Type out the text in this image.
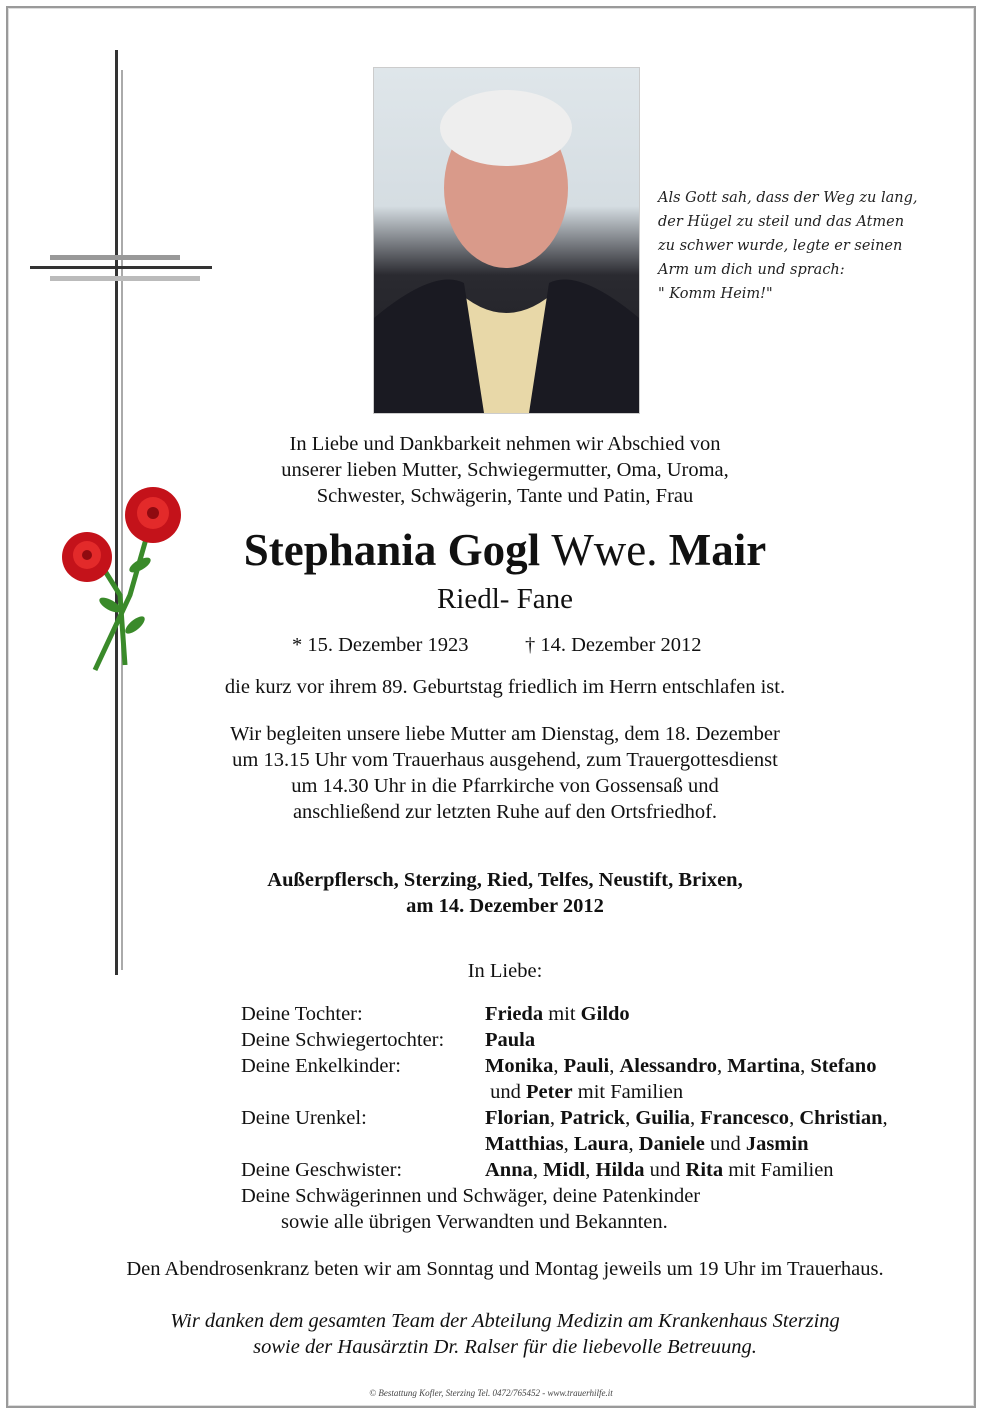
Als Gott sah, dass der Weg zu lang,
der Hügel zu steil und das Atmen
zu schwer wurde, legte er seinen
Arm um dich und sprach:
" Komm Heim!"
In Liebe und Dankbarkeit nehmen wir Abschied von
unserer lieben Mutter, Schwiegermutter, Oma, Uroma,
Schwester, Schwägerin, Tante und Patin, Frau
Stephania Gogl Wwe. Mair
Riedl- Fane
* 15. Dezember 1923	† 14. Dezember 2012
die kurz vor ihrem 89. Geburtstag friedlich im Herrn entschlafen ist.
Wir begleiten unsere liebe Mutter am Dienstag, dem 18. Dezember
um 13.15 Uhr vom Trauerhaus ausgehend, zum Trauergottesdienst
um 14.30 Uhr in die Pfarrkirche von Gossensaß und
anschließend zur letzten Ruhe auf den Ortsfriedhof.
Außerpflersch, Sterzing, Ried, Telfes, Neustift, Brixen,
am 14. Dezember 2012
In Liebe:
Deine Tochter:	Frieda mit Gildo
Deine Schwiegertochter: Paula
Deine Enkelkinder:	Monika, Pauli, Alessandro, Martina, Stefano
und Peter mit Familien
Deine Urenkel:	Florian, Patrick, Guilia, Francesco, Christian,
Matthias, Laura, Daniele und Jasmin
Deine Geschwister:	Anna, Midl, Hilda und Rita mit Familien
Deine Schwägerinnen und Schwäger, deine Patenkinder
sowie alle übrigen Verwandten und Bekannten.
Den Abendrosenkranz beten wir am Sonntag und Montag jeweils um 19 Uhr im Trauerhaus.
Wir danken dem gesamten Team der Abteilung Medizin am Krankenhaus Sterzing
sowie der Hausärztin Dr. Ralser für die liebevolle Betreuung.
© Bestattung Kofler, Sterzing Tel. 0472/765452 - www.trauerhilfe.it
